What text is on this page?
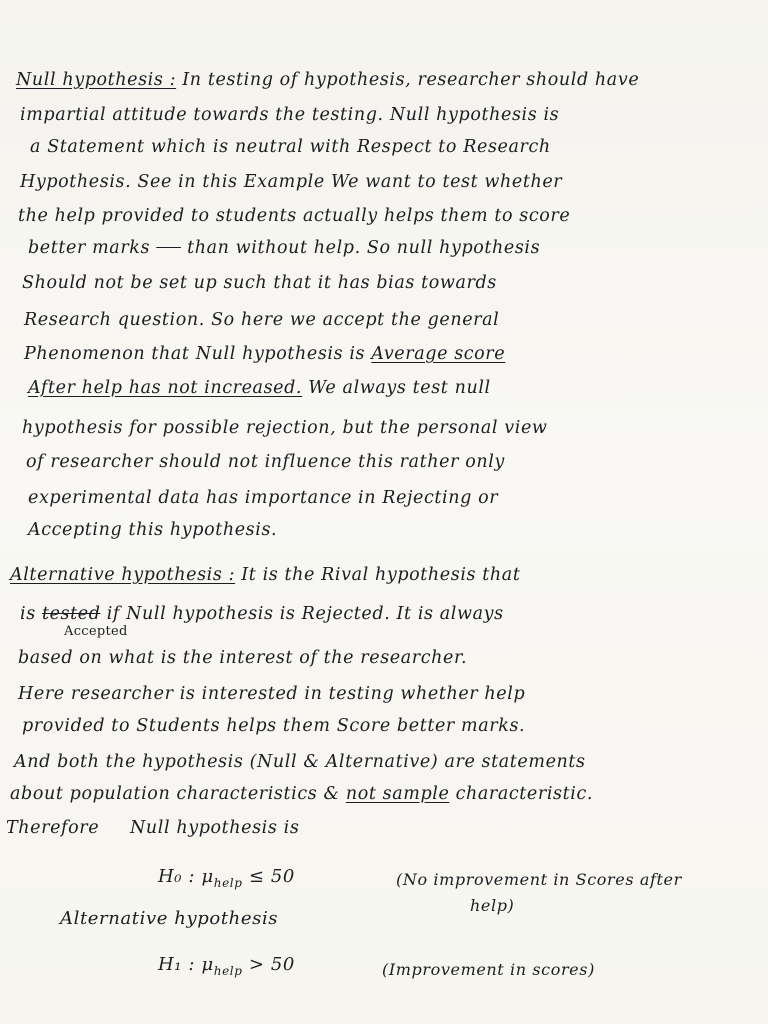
Null hypothesis : In testing of hypothesis, researcher should have
impartial attitude towards the testing. Null hypothesis is
a Statement which is neutral with Respect to Research
Hypothesis. See in this Example We want to test whether
the help provided to students actually helps them to score
better marks than without help. So null hypothesis
Should not be set up such that it has bias towards
Research question. So here we accept the general
Phenomenon that Null hypothesis is Average score
After help has not increased. We always test null
hypothesis for possible rejection, but the personal view
of researcher should not influence this rather only
experimental data has importance in Rejecting or
Accepting this hypothesis.
Alternative hypothesis : It is the Rival hypothesis that
is tested if Null hypothesis is Rejected. It is always
Accepted
based on what is the interest of the researcher.
Here researcher is interested in testing whether help
provided to Students helps them Score better marks.
And both the hypothesis (Null & Alternative) are statements
about population characteristics & not sample characteristic.
Therefore Null hypothesis is
H₀ : $\mu_{help} \le 50$	(No improvement in Scores after
help)
Alternative hypothesis
H₁ : $\mu_{help} > 50$	(Improvement in scores)
